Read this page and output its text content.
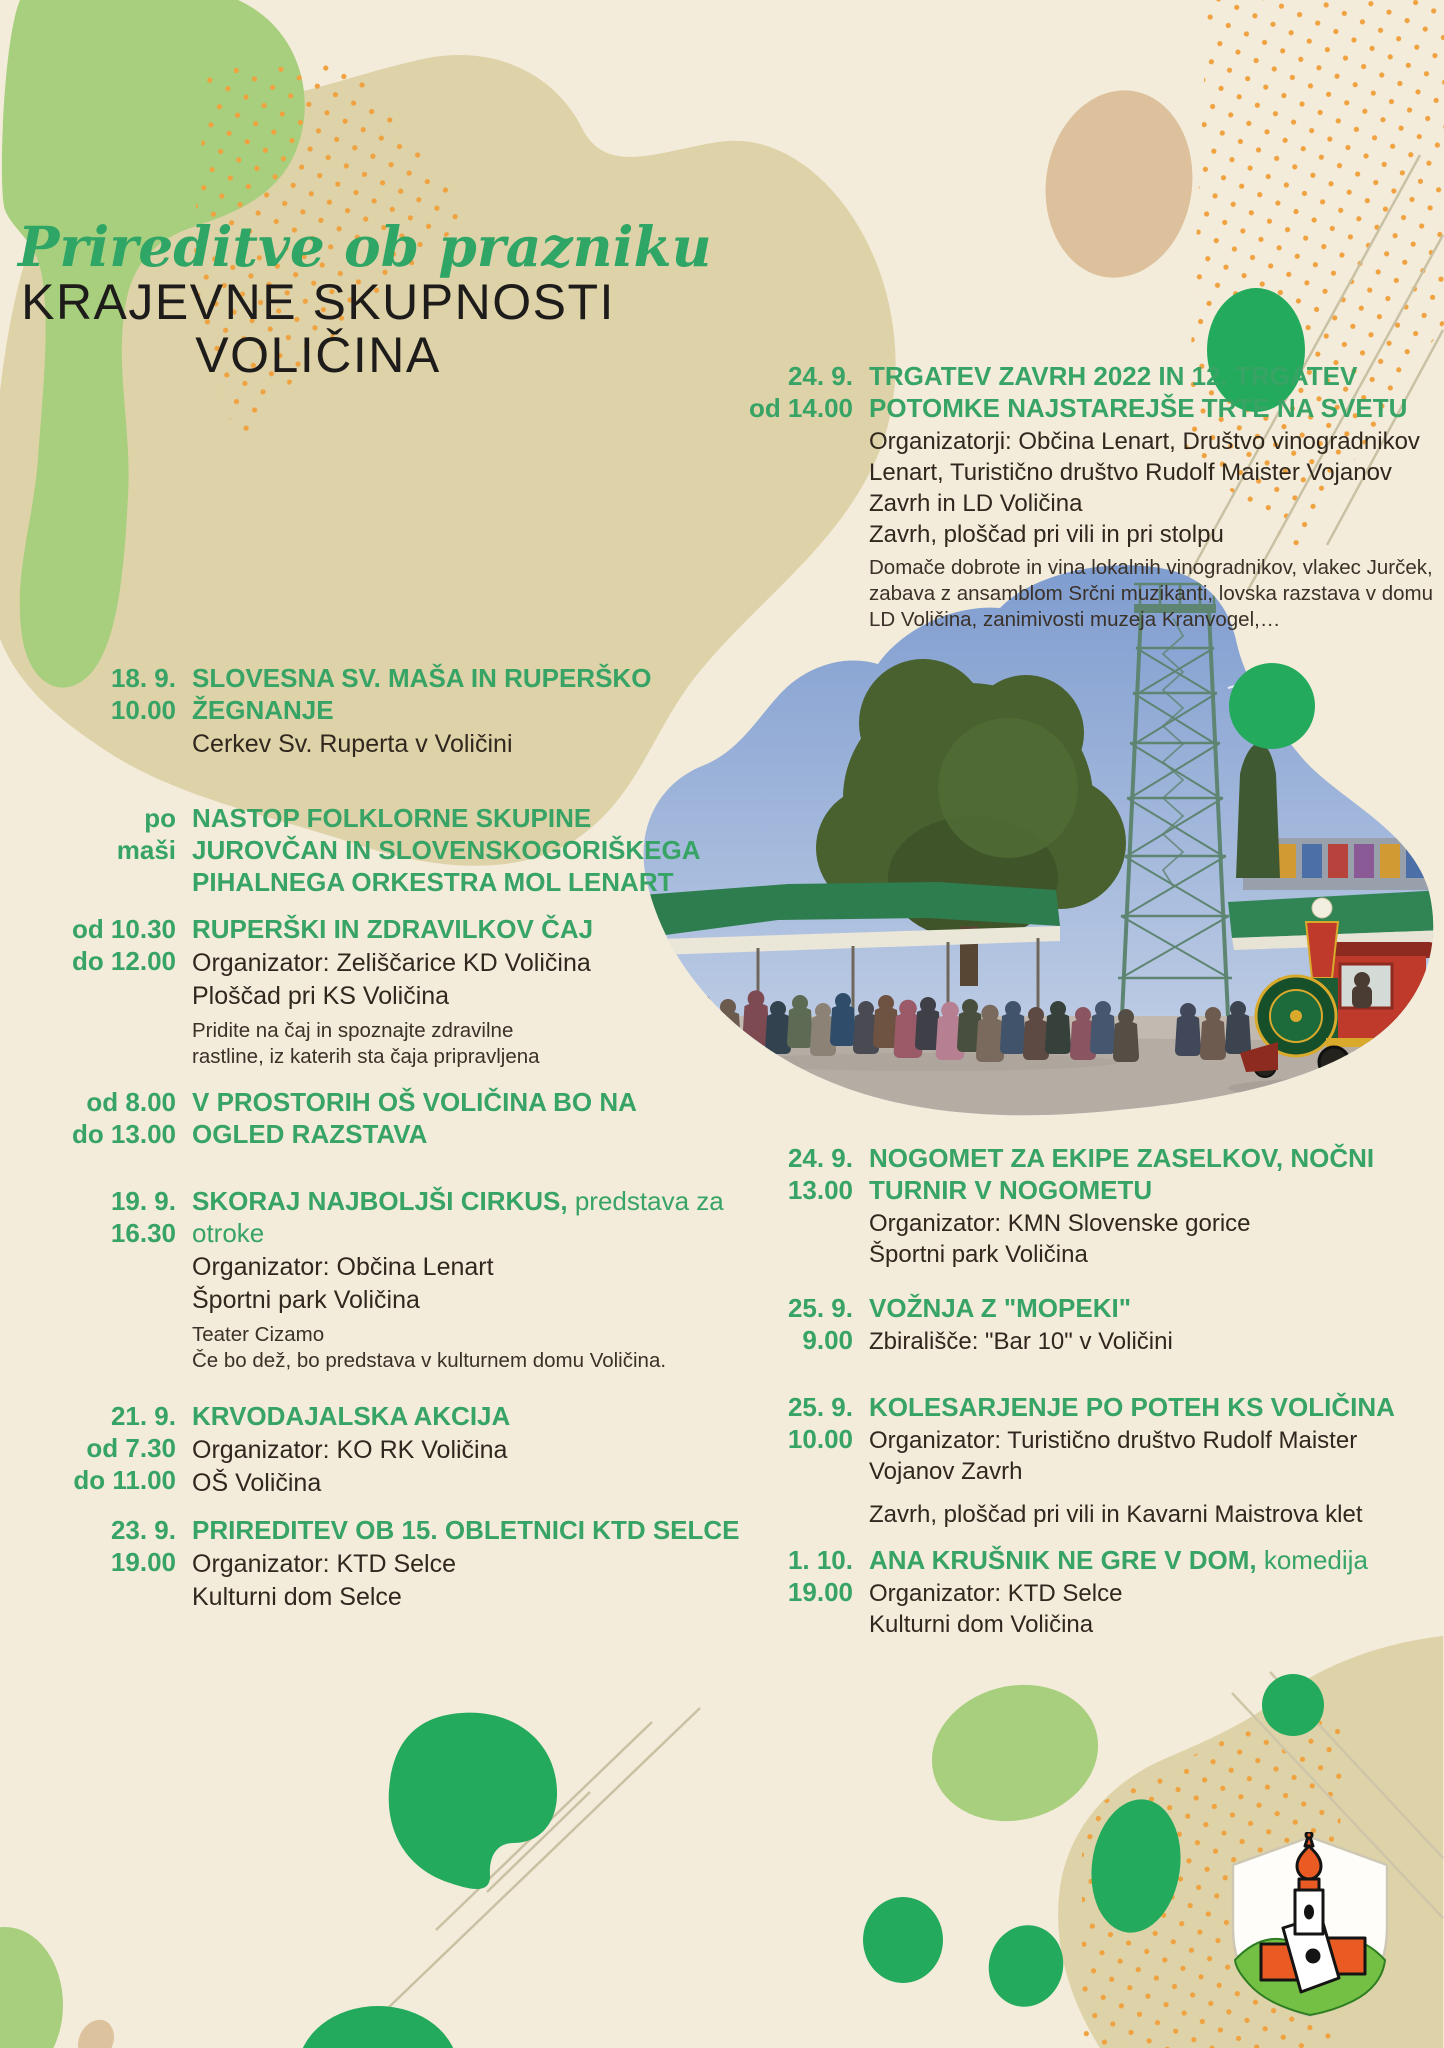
Prireditve ob prazniku
KRAJEVNE SKUPNOSTI
VOLIČINA
18. 9.
10.00
SLOVESNA SV. MAŠA IN RUPERŠKO
ŽEGNANJE
Cerkev Sv. Ruperta v Voličini
po
maši
NASTOP FOLKLORNE SKUPINE
JUROVČAN IN SLOVENSKOGORIŠKEGA
PIHALNEGA ORKESTRA MOL LENART
od 10.30
do 12.00
RUPERŠKI IN ZDRAVILKOV ČAJ
Organizator: Zeliščarice KD Voličina
Ploščad pri KS Voličina
Pridite na čaj in spoznajte zdravilne
rastline, iz katerih sta čaja pripravljena
od 8.00
do 13.00
V PROSTORIH OŠ VOLIČINA BO NA
OGLED RAZSTAVA
19. 9.
16.30
SKORAJ NAJBOLJŠI CIRKUS, predstava za
otroke
Organizator: Občina Lenart
Športni park Voličina
Teater Cizamo
Če bo dež, bo predstava v kulturnem domu Voličina.
21. 9.
od 7.30
do 11.00
KRVODAJALSKA AKCIJA
Organizator: KO RK Voličina
OŠ Voličina
23. 9.
19.00
PRIREDITEV OB 15. OBLETNICI KTD SELCE
Organizator: KTD Selce
Kulturni dom Selce
24. 9.
od 14.00
TRGATEV ZAVRH 2022 IN 12. TRGATEV
POTOMKE NAJSTAREJŠE TRTE NA SVETU
Organizatorji: Občina Lenart, Društvo vinogradnikov Lenart, Turistično društvo Rudolf Maister Vojanov Zavrh in LD Voličina
Zavrh, ploščad pri vili in pri stolpu
Domače dobrote in vina lokalnih vinogradnikov, vlakec Jurček, zabava z ansamblom Srčni muzikanti, lovska razstava v domu LD Voličina, zanimivosti muzeja Kranvogel,…
24. 9.
13.00
NOGOMET ZA EKIPE ZASELKOV, NOČNI
TURNIR V NOGOMETU
Organizator: KMN Slovenske gorice
Športni park Voličina
25. 9.
9.00
VOŽNJA Z "MOPEKI"
Zbirališče: "Bar 10" v Voličini
25. 9.
10.00
KOLESARJENJE PO POTEH KS VOLIČINA
Organizator: Turistično društvo Rudolf Maister Vojanov Zavrh
Zavrh, ploščad pri vili in Kavarni Maistrova klet
1. 10.
19.00
ANA KRUŠNIK NE GRE V DOM, komedija
Organizator: KTD Selce
Kulturni dom Voličina
